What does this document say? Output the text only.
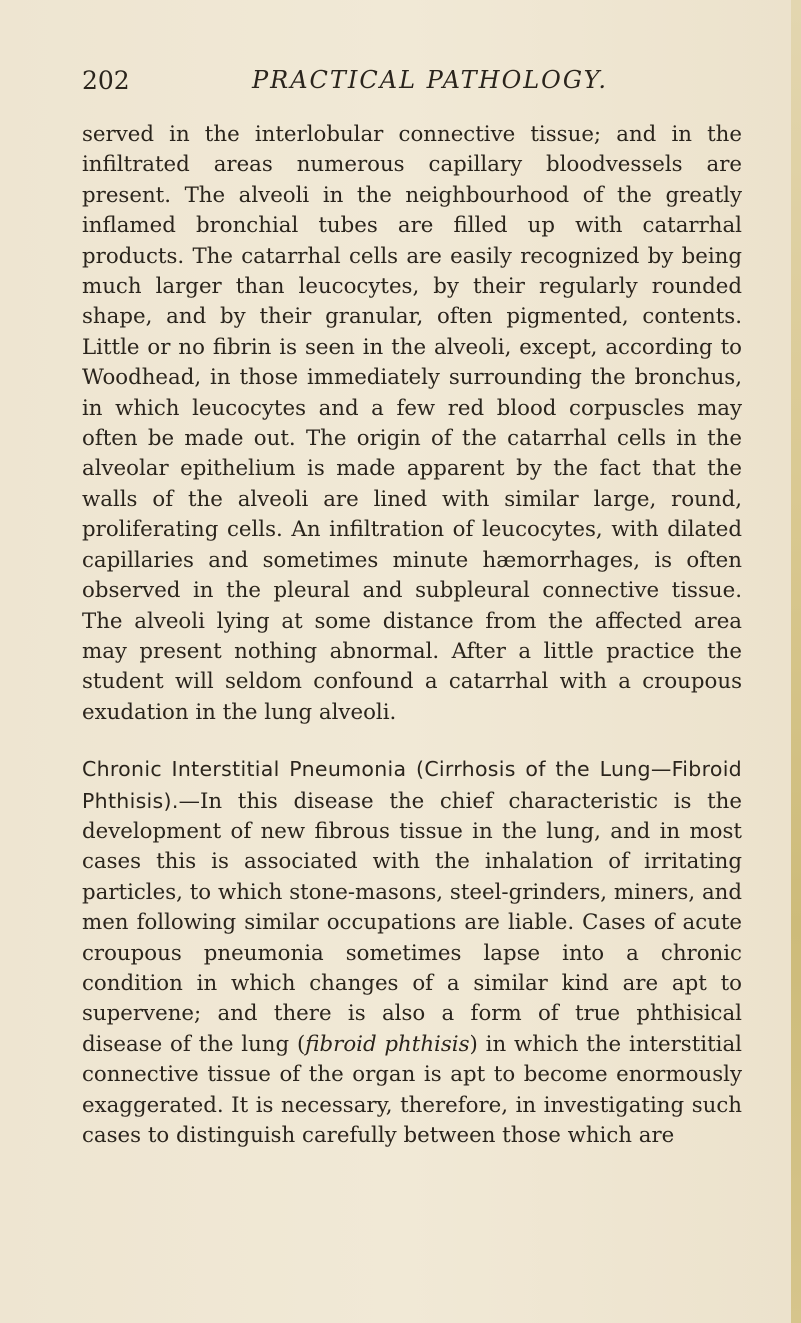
202	PRACTICAL PATHOLOGY.

served in the interlobular connective tissue; and in the infiltrated areas numerous capillary bloodvessels are present. The alveoli in the neighbourhood of the greatly inflamed bronchial tubes are filled up with catarrhal products. The catarrhal cells are easily recognized by being much larger than leucocytes, by their regularly rounded shape, and by their granular, often pigmented, contents. Little or no fibrin is seen in the alveoli, except, according to Woodhead, in those immediately surrounding the bronchus, in which leucocytes and a few red blood corpuscles may often be made out. The origin of the catarrhal cells in the alveolar epithelium is made apparent by the fact that the walls of the alveoli are lined with similar large, round, proliferating cells. An infiltration of leucocytes, with dilated capillaries and sometimes minute hæmorrhages, is often observed in the pleural and subpleural connective tissue. The alveoli lying at some distance from the affected area may present nothing abnormal. After a little practice the student will seldom confound a catarrhal with a croupous exudation in the lung alveoli.

Chronic Interstitial Pneumonia (Cirrhosis of the Lung—Fibroid Phthisis).—In this disease the chief characteristic is the development of new fibrous tissue in the lung, and in most cases this is associated with the inhalation of irritating particles, to which stone-masons, steel-grinders, miners, and men following similar occupations are liable. Cases of acute croupous pneumonia sometimes lapse into a chronic condition in which changes of a similar kind are apt to supervene; and there is also a form of true phthisical disease of the lung (fibroid phthisis) in which the interstitial connective tissue of the organ is apt to become enormously exaggerated. It is necessary, therefore, in investigating such cases to distinguish carefully between those which are
